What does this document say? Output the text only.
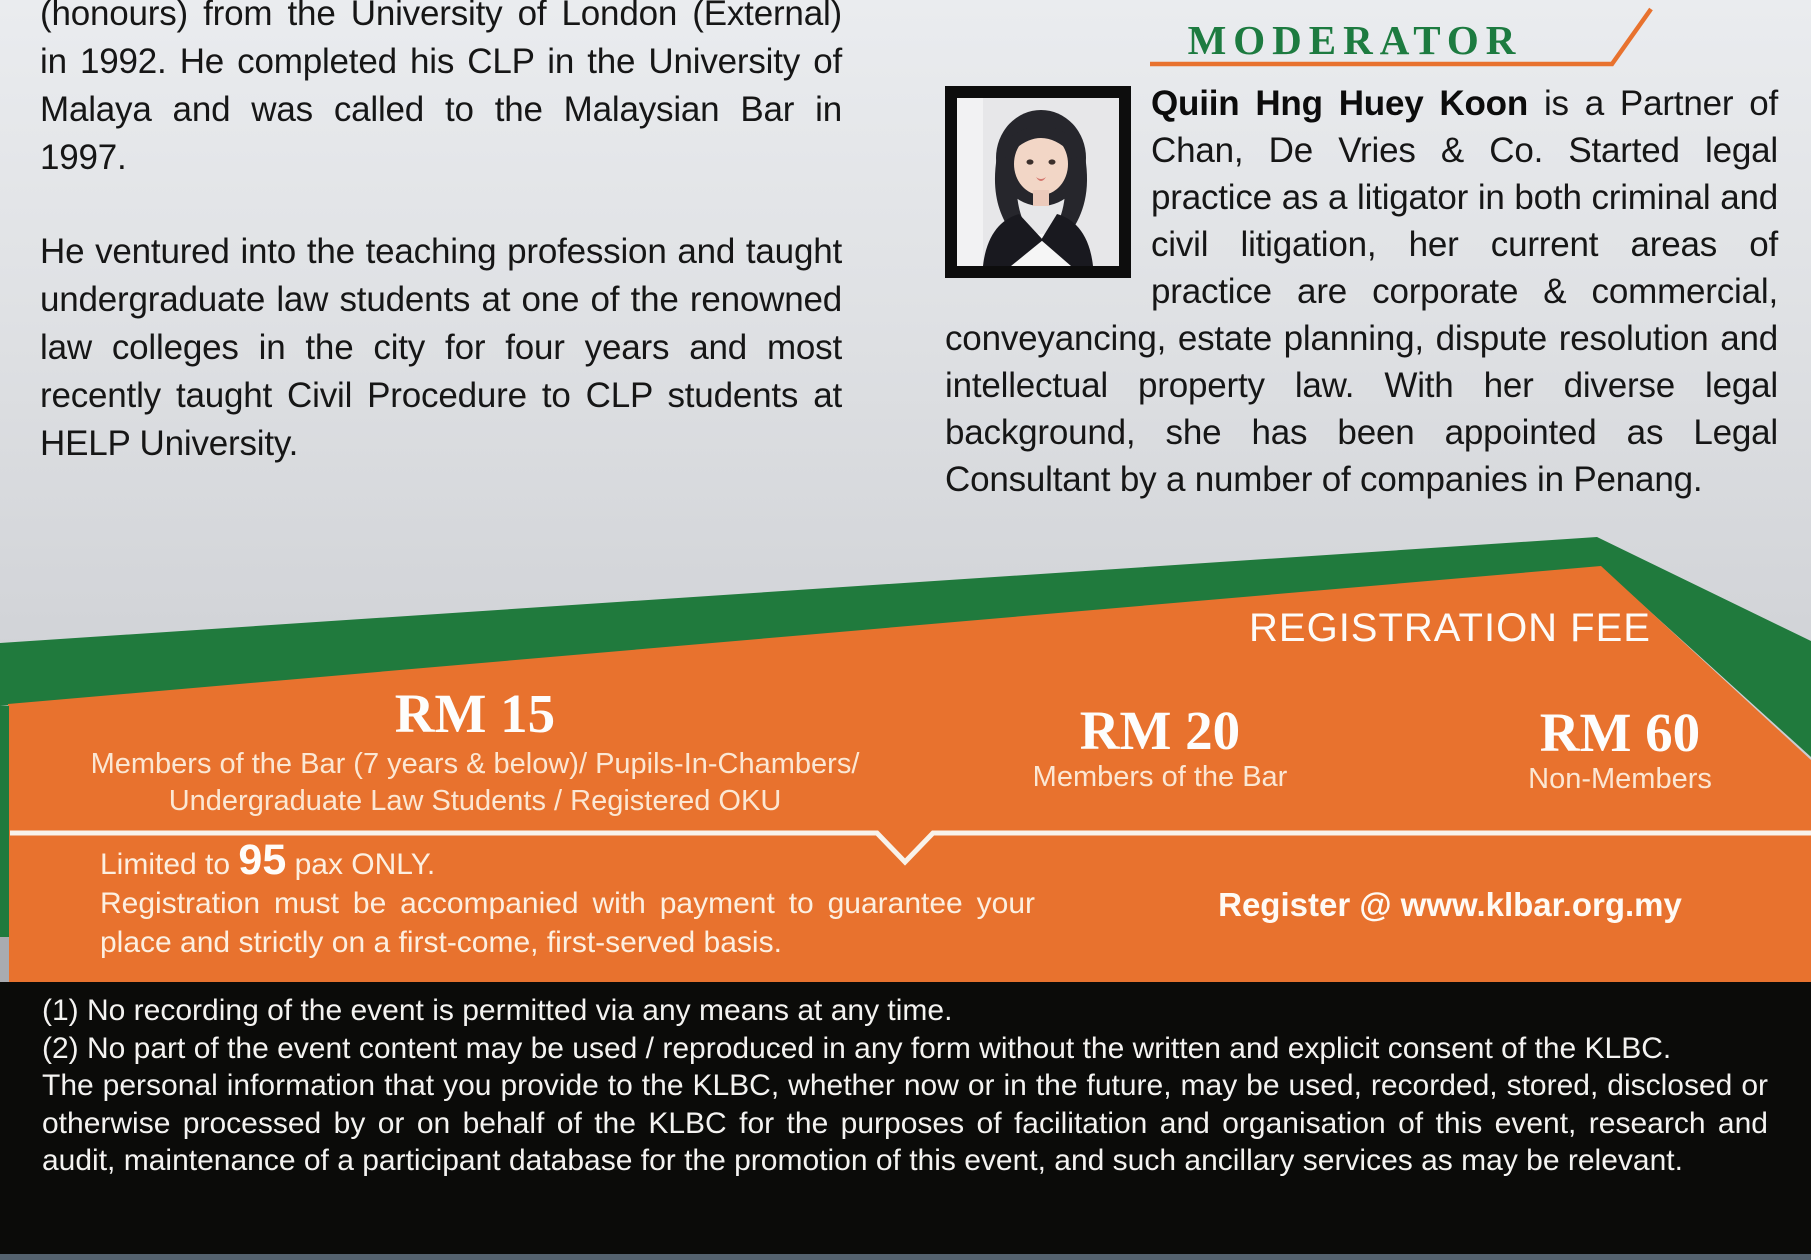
(honours) from the University of London (External) in 1992. He completed his CLP in the University of Malaya and was called to the Malaysian Bar in 1997.

He ventured into the teaching profession and taught undergraduate law students at one of the renowned law colleges in the city for four years and most recently taught Civil Procedure to CLP students at HELP University.

MODERATOR

Quiin Hng Huey Koon is a Partner of Chan, De Vries & Co. Started legal practice as a litigator in both criminal and civil litigation, her current areas of practice are corporate & commercial, conveyancing, estate planning, dispute resolution and intellectual property law. With her diverse legal background, she has been appointed as Legal Consultant by a number of companies in Penang.

REGISTRATION FEE
RM 15
Members of the Bar (7 years & below)/ Pupils-In-Chambers/ Undergraduate Law Students / Registered OKU
RM 20
Members of the Bar
RM 60
Non-Members
Limited to 95 pax ONLY.
Registration must be accompanied with payment to guarantee your place and strictly on a first-come, first-served basis.
Register @ www.klbar.org.my

(1) No recording of the event is permitted via any means at any time.

(2) No part of the event content may be used / reproduced in any form without the written and explicit consent of the KLBC.

The personal information that you provide to the KLBC, whether now or in the future, may be used, recorded, stored, disclosed or otherwise processed by or on behalf of the KLBC for the purposes of facilitation and organisation of this event, research and audit, maintenance of a participant database for the promotion of this event, and such ancillary services as may be relevant.
